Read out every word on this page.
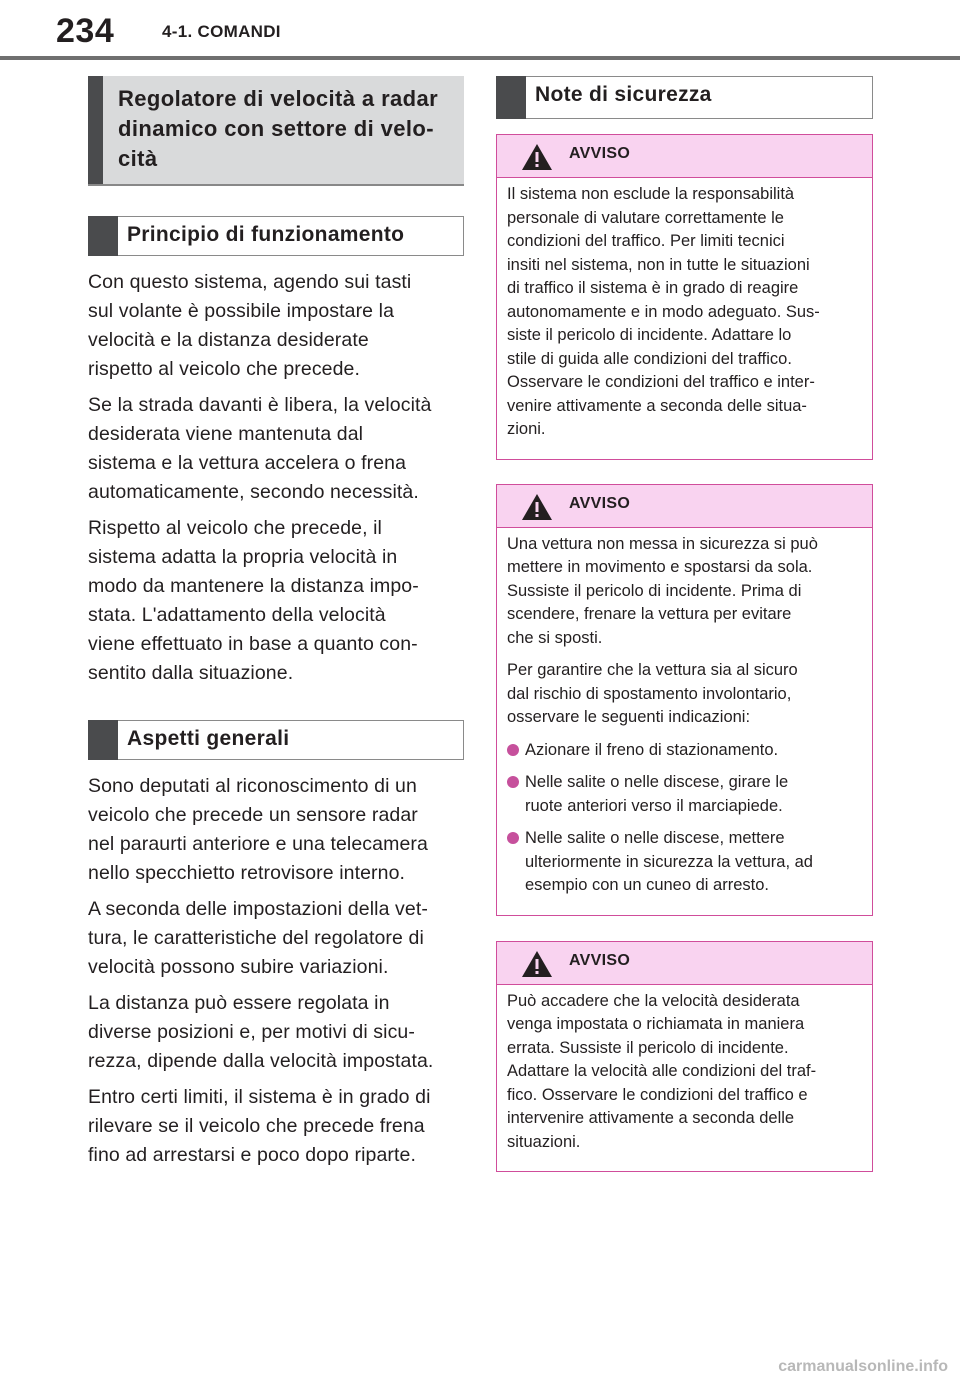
234	4-1. COMANDI
Regolatore di velocità a radar
dinamico con settore di velo-
cità
Principio di funzionamento

Con questo sistema, agendo sui tasti
sul volante è possibile impostare la
velocità e la distanza desiderate
rispetto al veicolo che precede.

Se la strada davanti è libera, la velocità
desiderata viene mantenuta dal
sistema e la vettura accelera o frena
automaticamente, secondo necessità.

Rispetto al veicolo che precede, il
sistema adatta la propria velocità in
modo da mantenere la distanza impo-
stata. L'adattamento della velocità
viene effettuato in base a quanto con-
sentito dalla situazione.

Aspetti generali

Sono deputati al riconoscimento di un
veicolo che precede un sensore radar
nel paraurti anteriore e una telecamera
nello specchietto retrovisore interno.

A seconda delle impostazioni della vet-
tura, le caratteristiche del regolatore di
velocità possono subire variazioni.

La distanza può essere regolata in
diverse posizioni e, per motivi di sicu-
rezza, dipende dalla velocità impostata.

Entro certi limiti, il sistema è in grado di
rilevare se il veicolo che precede frena
fino ad arrestarsi e poco dopo riparte.

Note di sicurezza
AVVISO

Il sistema non esclude la responsabilità
personale di valutare correttamente le
condizioni del traffico. Per limiti tecnici
insiti nel sistema, non in tutte le situazioni
di traffico il sistema è in grado di reagire
autonomamente e in modo adeguato. Sus-
siste il pericolo di incidente. Adattare lo
stile di guida alle condizioni del traffico.
Osservare le condizioni del traffico e inter-
venire attivamente a seconda delle situa-
zioni.

AVVISO

Una vettura non messa in sicurezza si può
mettere in movimento e spostarsi da sola.
Sussiste il pericolo di incidente. Prima di
scendere, frenare la vettura per evitare
che si sposti.

Per garantire che la vettura sia al sicuro
dal rischio di spostamento involontario,
osservare le seguenti indicazioni:

Azionare il freno di stazionamento.
Nelle salite o nelle discese, girare le
ruote anteriori verso il marciapiede.
Nelle salite o nelle discese, mettere
ulteriormente in sicurezza la vettura, ad
esempio con un cuneo di arresto.
AVVISO

Può accadere che la velocità desiderata
venga impostata o richiamata in maniera
errata. Sussiste il pericolo di incidente.
Adattare la velocità alle condizioni del traf-
fico. Osservare le condizioni del traffico e
intervenire attivamente a seconda delle
situazioni.

carmanualsonline.info
